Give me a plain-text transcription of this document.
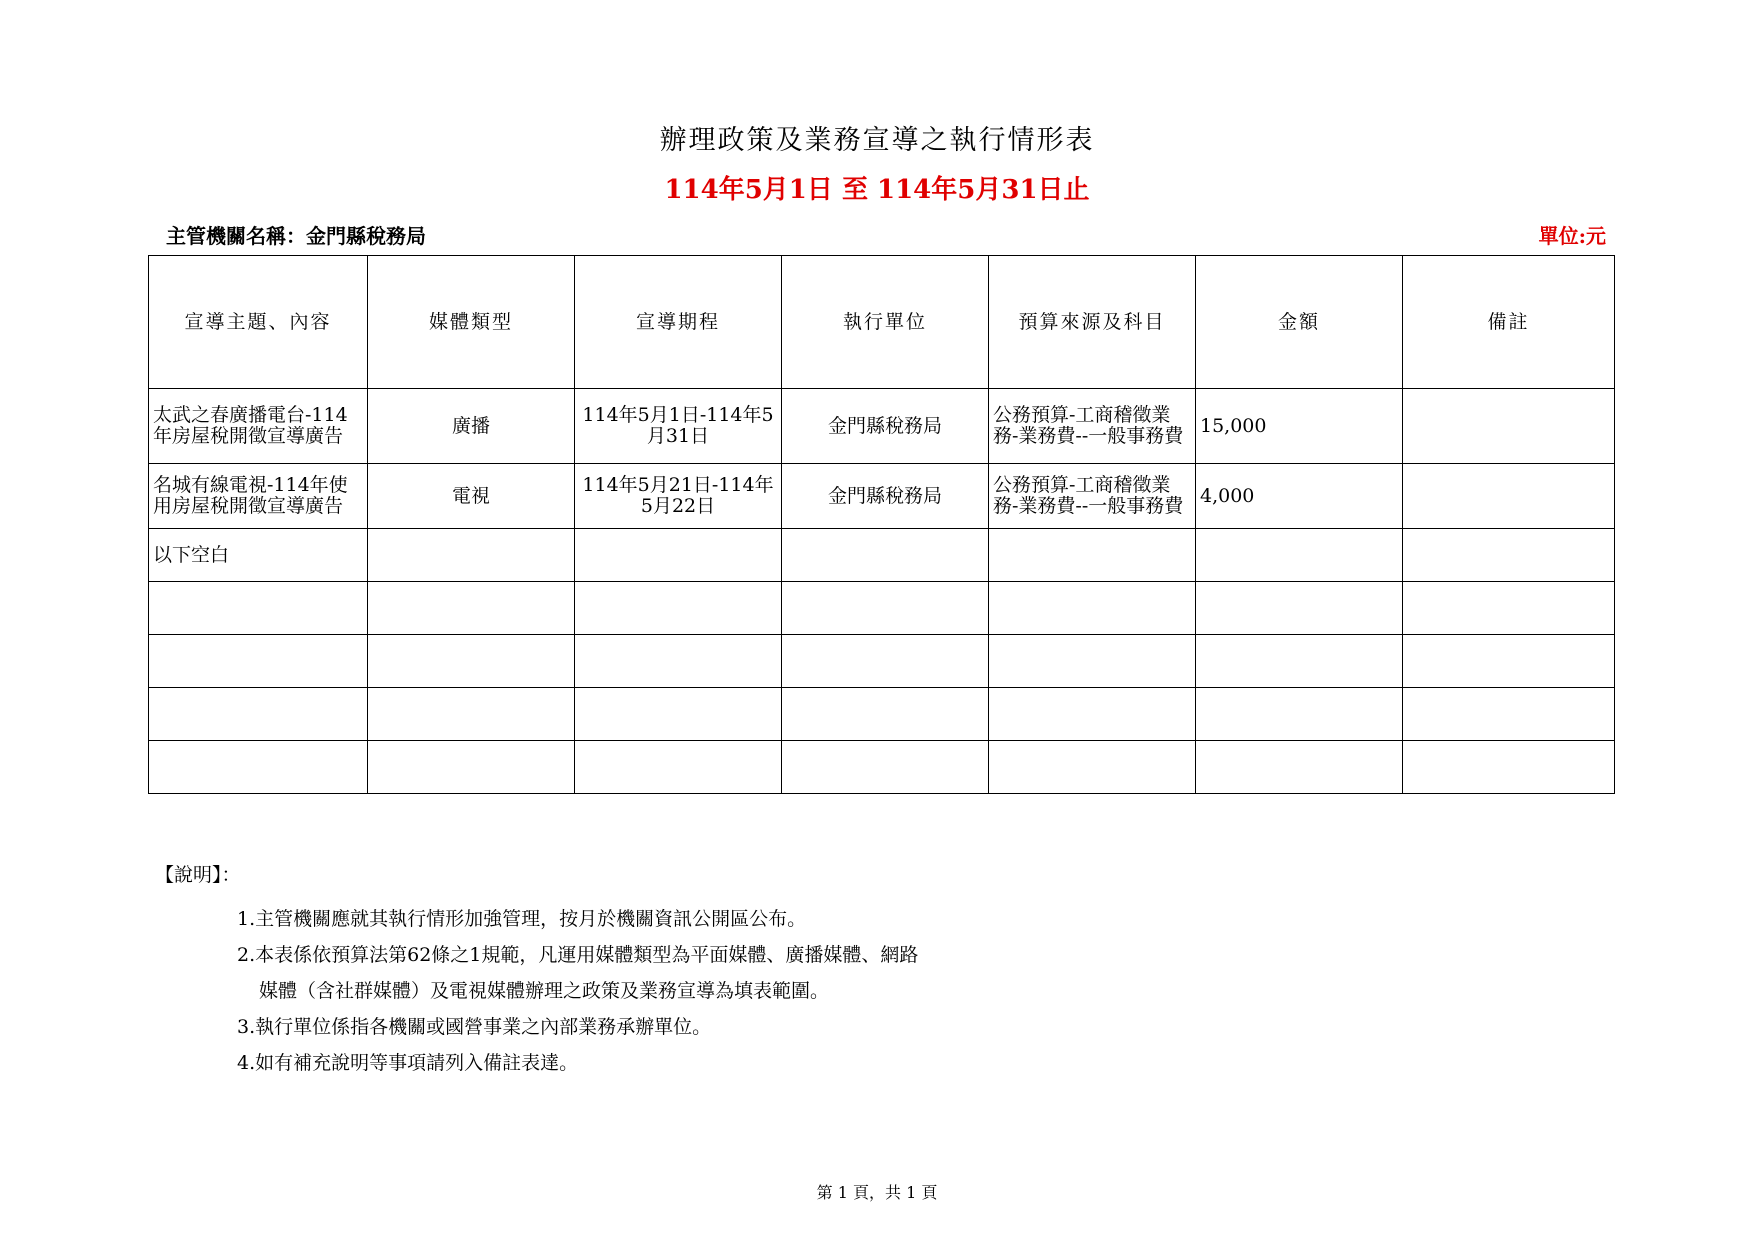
辦理政策及業務宣導之執行情形表
114年5月1日 至 114年5月31日止
主管機關名稱：金門縣稅務局	單位:元
宣導主題、內容	媒體類型	宣導期程	執行單位	預算來源及科目	金額	備註
太武之春廣播電台-114年房屋稅開徵宣導廣告	廣播	114年5月1日-114年5月31日	金門縣稅務局	公務預算-工商稽徵業務-業務費--一般事務費	15,000	
名城有線電視-114年使用房屋稅開徵宣導廣告	電視	114年5月21日-114年5月22日	金門縣稅務局	公務預算-工商稽徵業務-業務費--一般事務費	4,000	
以下空白						

【說明】：
1.主管機關應就其執行情形加強管理，按月於機關資訊公開區公布。
2.本表係依預算法第62條之1規範，凡運用媒體類型為平面媒體、廣播媒體、網路
媒體（含社群媒體）及電視媒體辦理之政策及業務宣導為填表範圍。
3.執行單位係指各機關或國營事業之內部業務承辦單位。
4.如有補充說明等事項請列入備註表達。
第 1 頁，共 1 頁
